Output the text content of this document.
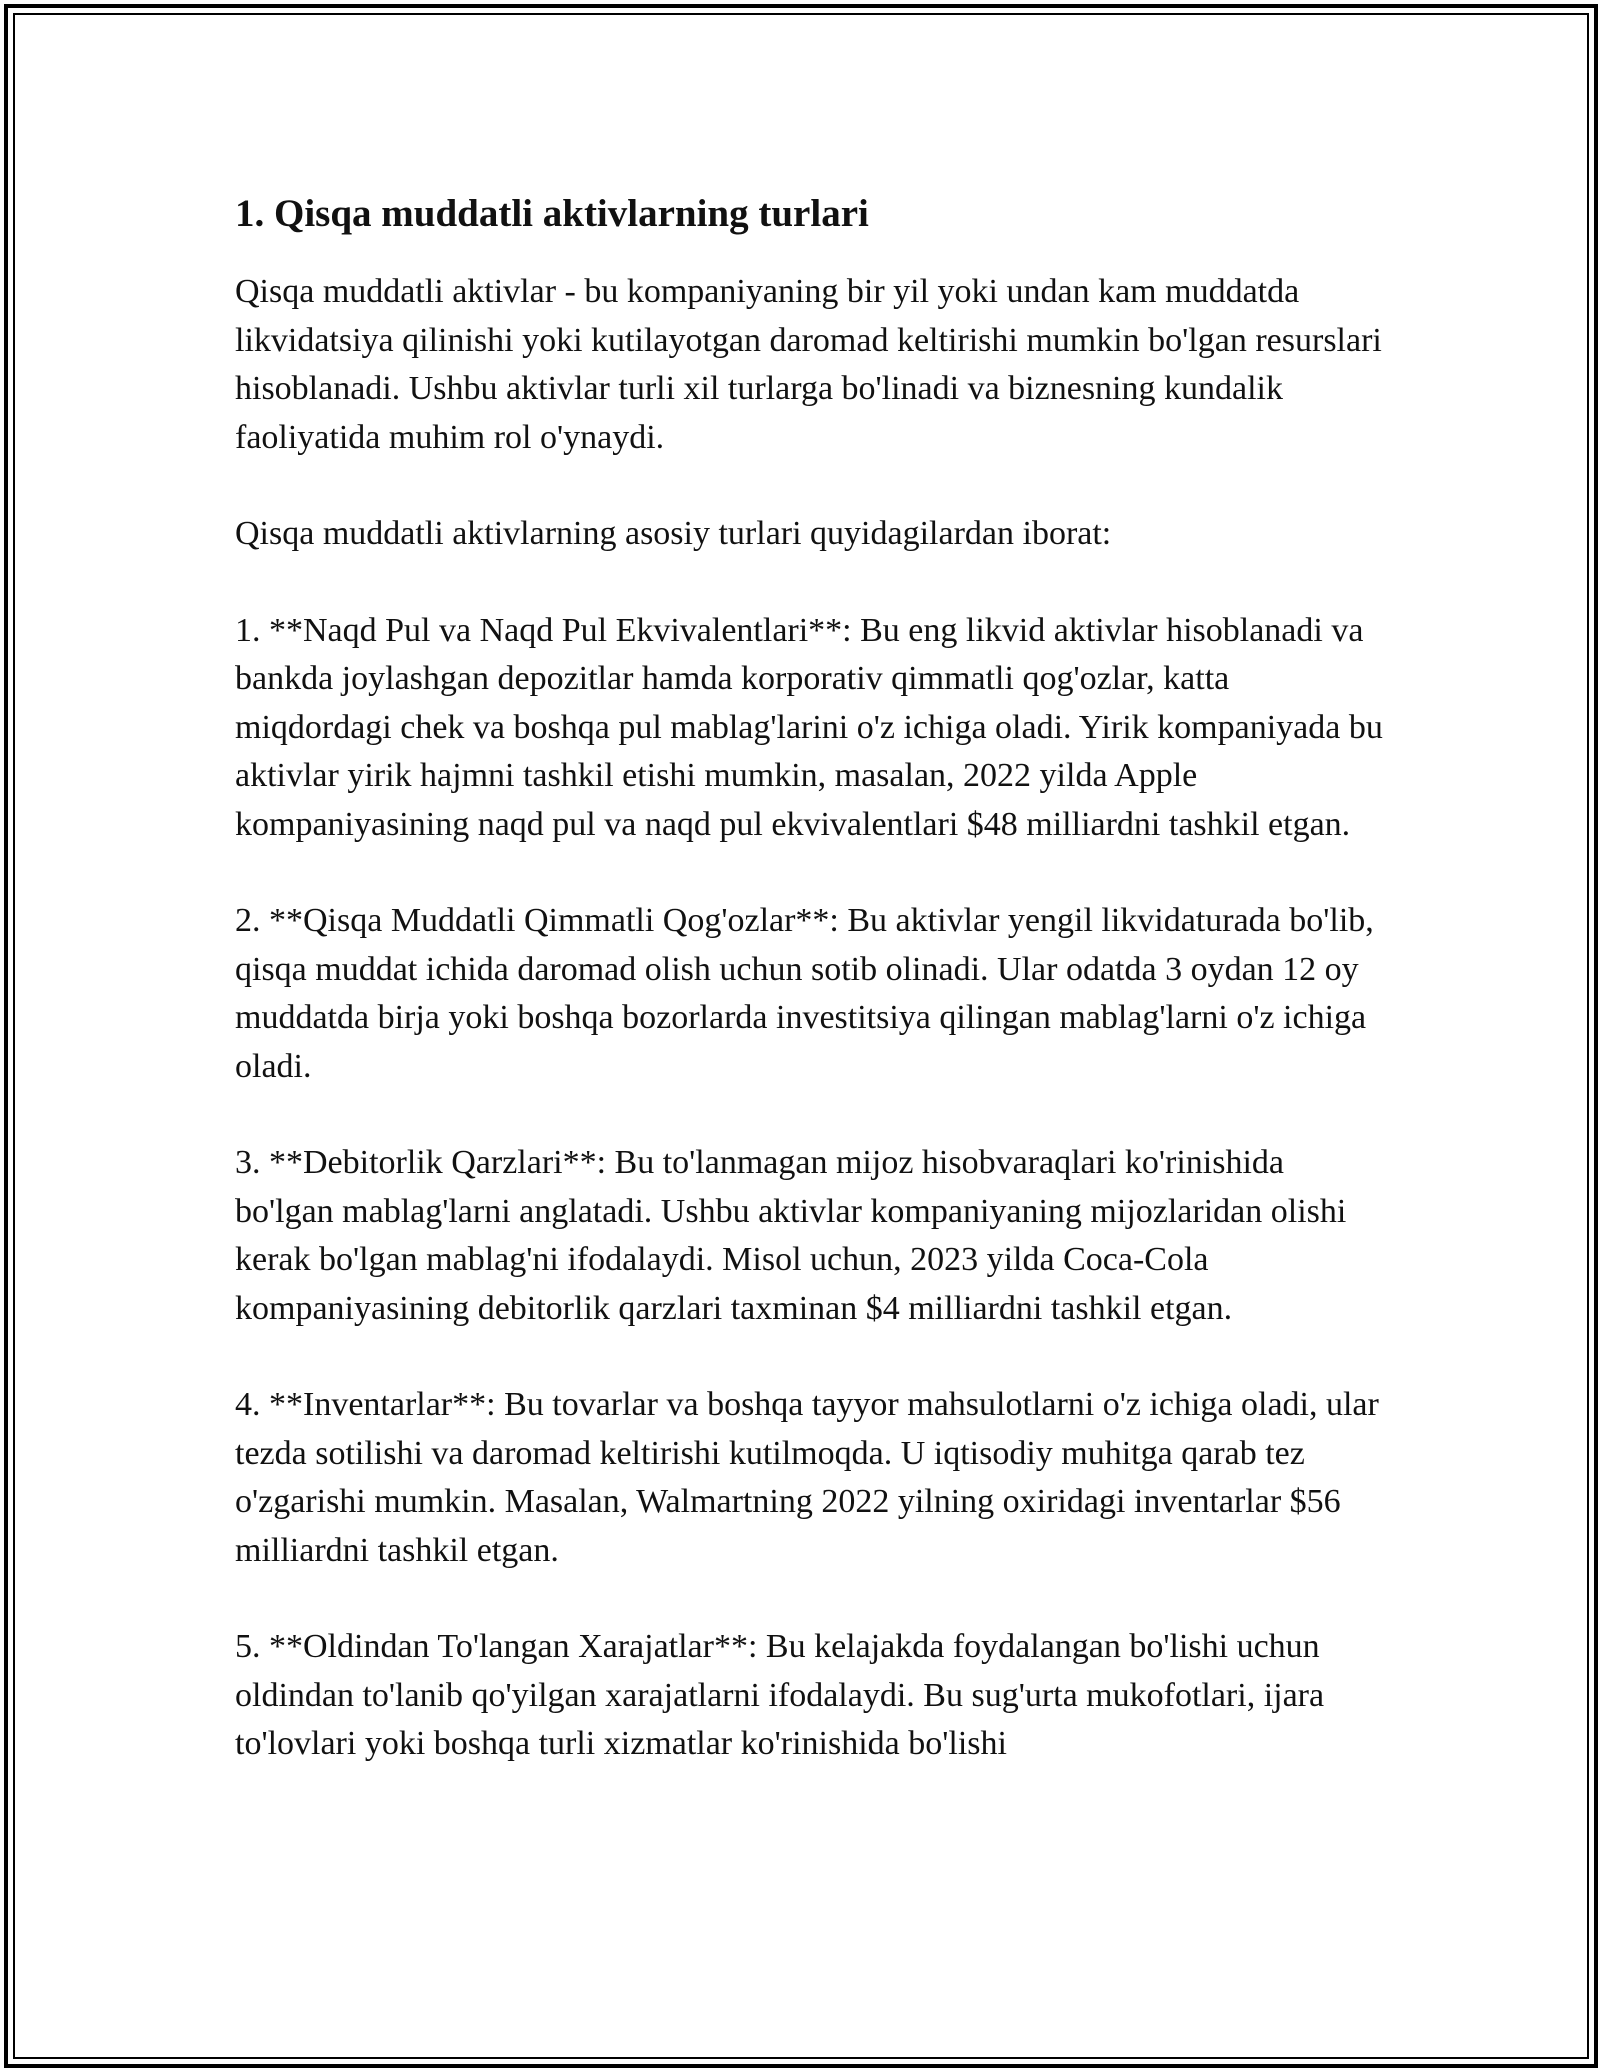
1. Qisqa muddatli aktivlarning turlari

Qisqa muddatli aktivlar - bu kompaniyaning bir yil yoki undan kam muddatda likvidatsiya qilinishi yoki kutilayotgan daromad keltirishi mumkin bo'lgan resurslari hisoblanadi. Ushbu aktivlar turli xil turlarga bo'linadi va biznesning kundalik faoliyatida muhim rol o'ynaydi.

Qisqa muddatli aktivlarning asosiy turlari quyidagilardan iborat:

1. **Naqd Pul va Naqd Pul Ekvivalentlari**: Bu eng likvid aktivlar hisoblanadi va bankda joylashgan depozitlar hamda korporativ qimmatli qog'ozlar, katta miqdordagi chek va boshqa pul mablag'larini o'z ichiga oladi. Yirik kompaniyada bu aktivlar yirik hajmni tashkil etishi mumkin, masalan, 2022 yilda Apple kompaniyasining naqd pul va naqd pul ekvivalentlari $48 milliardni tashkil etgan.

2. **Qisqa Muddatli Qimmatli Qog'ozlar**: Bu aktivlar yengil likvidaturada bo'lib, qisqa muddat ichida daromad olish uchun sotib olinadi. Ular odatda 3 oydan 12 oy muddatda birja yoki boshqa bozorlarda investitsiya qilingan mablag'larni o'z ichiga oladi.

3. **Debitorlik Qarzlari**: Bu to'lanmagan mijoz hisobvaraqlari ko'rinishida bo'lgan mablag'larni anglatadi. Ushbu aktivlar kompaniyaning mijozlaridan olishi kerak bo'lgan mablag'ni ifodalaydi. Misol uchun, 2023 yilda Coca-Cola kompaniyasining debitorlik qarzlari taxminan $4 milliardni tashkil etgan.

4. **Inventarlar**: Bu tovarlar va boshqa tayyor mahsulotlarni o'z ichiga oladi, ular tezda sotilishi va daromad keltirishi kutilmoqda. U iqtisodiy muhitga qarab tez o'zgarishi mumkin. Masalan, Walmartning 2022 yilning oxiridagi inventarlar $56 milliardni tashkil etgan.

5. **Oldindan To'langan Xarajatlar**: Bu kelajakda foydalangan bo'lishi uchun oldindan to'lanib qo'yilgan xarajatlarni ifodalaydi. Bu sug'urta mukofotlari, ijara to'lovlari yoki boshqa turli xizmatlar ko'rinishida bo'lishi
